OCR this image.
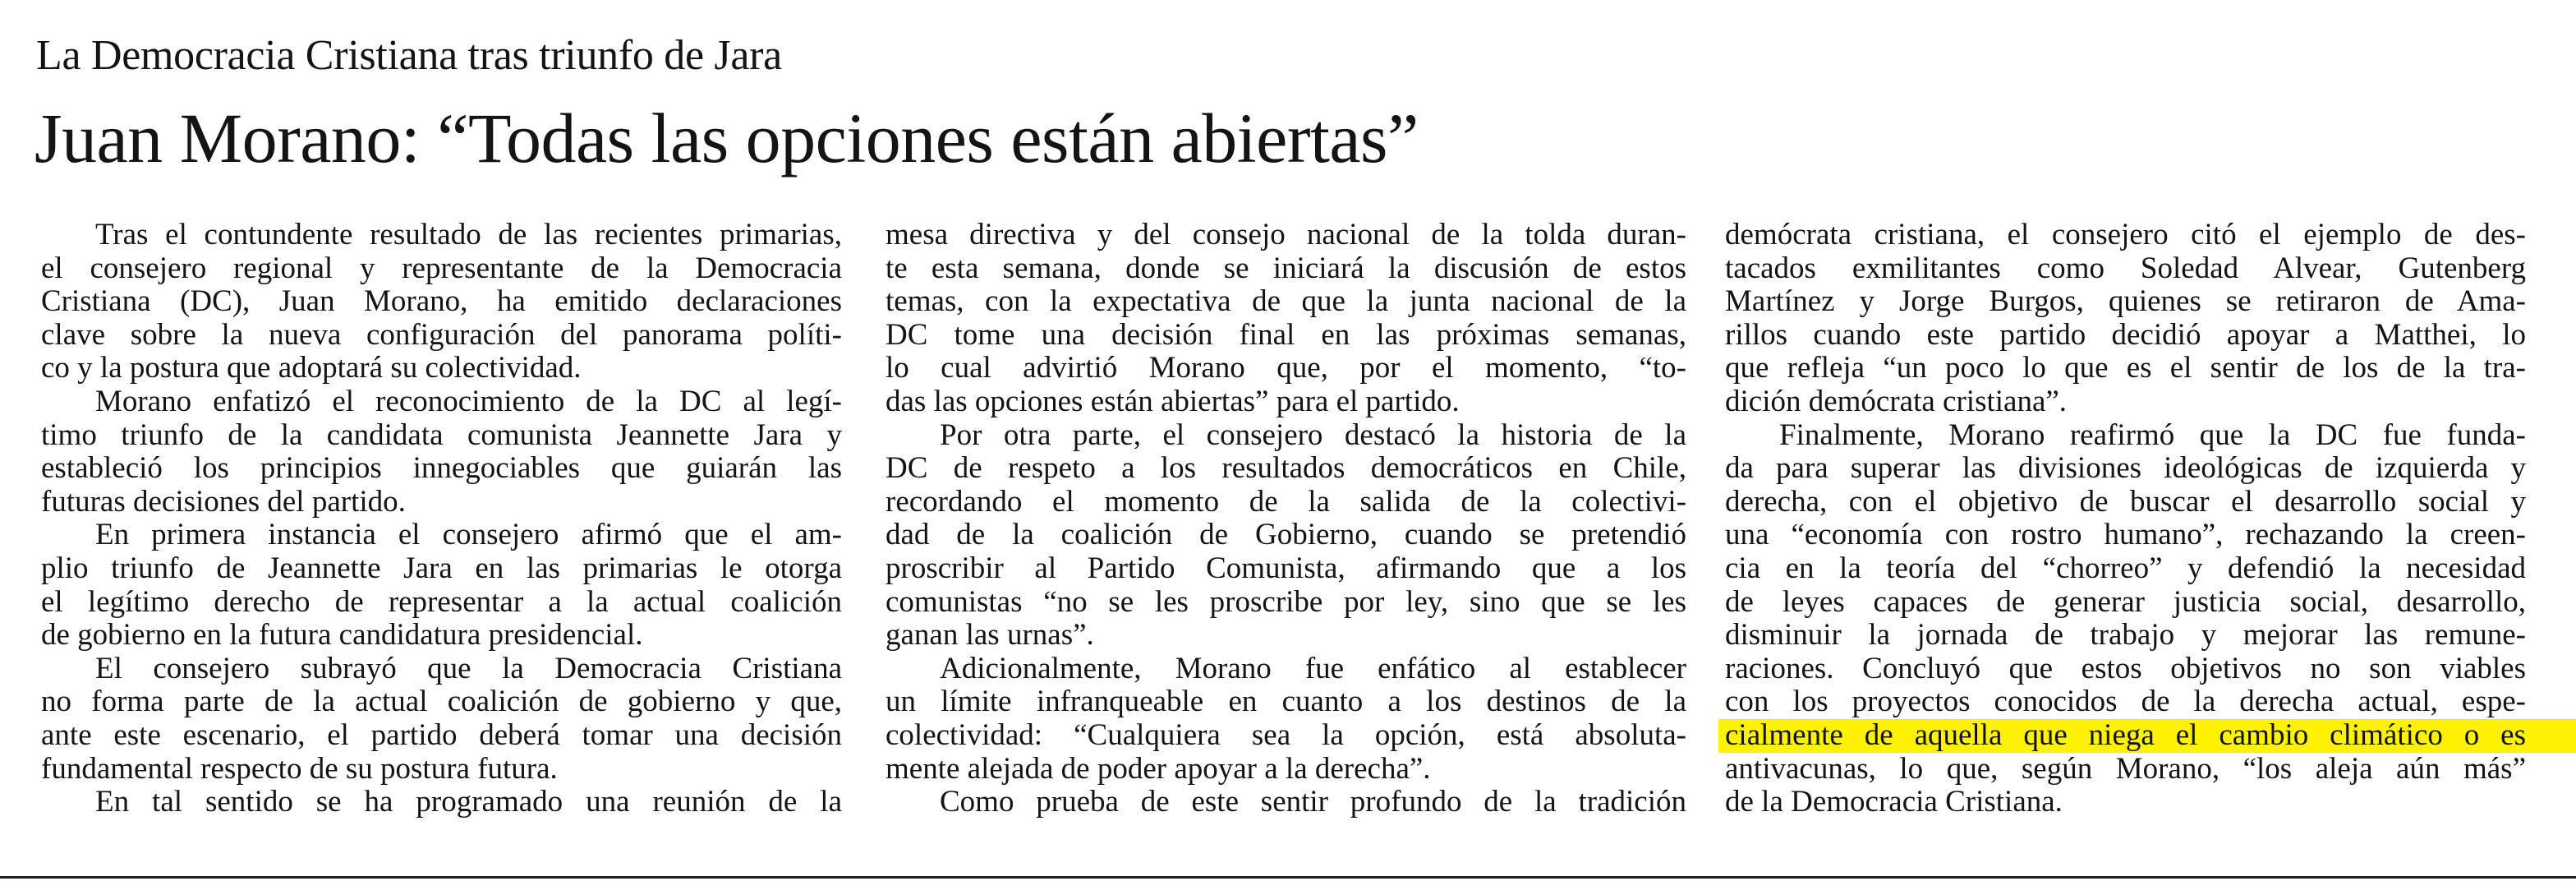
La Democracia Cristiana tras triunfo de Jara
Juan Morano: “Todas las opciones están abiertas”
Tras el contundente resultado de las recientes primarias,
el consejero regional y representante de la Democracia
Cristiana (DC), Juan Morano, ha emitido declaraciones
clave sobre la nueva configuración del panorama políti-
co y la postura que adoptará su colectividad.
Morano enfatizó el reconocimiento de la DC al legí-
timo triunfo de la candidata comunista Jeannette Jara y
estableció los principios innegociables que guiarán las
futuras decisiones del partido.
En primera instancia el consejero afirmó que el am-
plio triunfo de Jeannette Jara en las primarias le otorga
el legítimo derecho de representar a la actual coalición
de gobierno en la futura candidatura presidencial.
El consejero subrayó que la Democracia Cristiana
no forma parte de la actual coalición de gobierno y que,
ante este escenario, el partido deberá tomar una decisión
fundamental respecto de su postura futura.
En tal sentido se ha programado una reunión de la
mesa directiva y del consejo nacional de la tolda duran-
te esta semana, donde se iniciará la discusión de estos
temas, con la expectativa de que la junta nacional de la
DC tome una decisión final en las próximas semanas,
lo cual advirtió Morano que, por el momento, “to-
das las opciones están abiertas” para el partido.
Por otra parte, el consejero destacó la historia de la
DC de respeto a los resultados democráticos en Chile,
recordando el momento de la salida de la colectivi-
dad de la coalición de Gobierno, cuando se pretendió
proscribir al Partido Comunista, afirmando que a los
comunistas “no se les proscribe por ley, sino que se les
ganan las urnas”.
Adicionalmente, Morano fue enfático al establecer
un límite infranqueable en cuanto a los destinos de la
colectividad: “Cualquiera sea la opción, está absoluta-
mente alejada de poder apoyar a la derecha”.
Como prueba de este sentir profundo de la tradición
demócrata cristiana, el consejero citó el ejemplo de des-
tacados exmilitantes como Soledad Alvear, Gutenberg
Martínez y Jorge Burgos, quienes se retiraron de Ama-
rillos cuando este partido decidió apoyar a Matthei, lo
que refleja “un poco lo que es el sentir de los de la tra-
dición demócrata cristiana”.
Finalmente, Morano reafirmó que la DC fue funda-
da para superar las divisiones ideológicas de izquierda y
derecha, con el objetivo de buscar el desarrollo social y
una “economía con rostro humano”, rechazando la creen-
cia en la teoría del “chorreo” y defendió la necesidad
de leyes capaces de generar justicia social, desarrollo,
disminuir la jornada de trabajo y mejorar las remune-
raciones. Concluyó que estos objetivos no son viables
con los proyectos conocidos de la derecha actual, espe-
cialmente de aquella que niega el cambio climático o es
antivacunas, lo que, según Morano, “los aleja aún más”
de la Democracia Cristiana.
